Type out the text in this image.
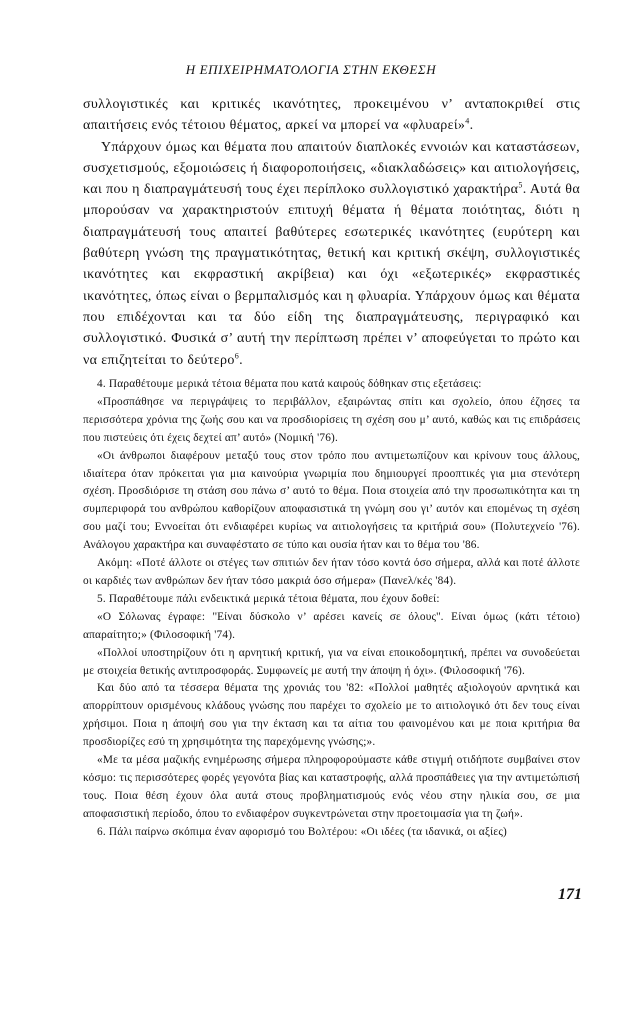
Η ΕΠΙΧΕΙΡΗΜΑΤΟΛΟΓΙΑ ΣΤΗΝ ΕΚΘΕΣΗ

συλλογιστικές και κριτικές ικανότητες, προκειμένου ν’ ανταποκριθεί στις απαιτήσεις ενός τέτοιου θέματος, αρκεί να μπορεί να «φλυαρεί»$^4$.

Υπάρχουν όμως και θέματα που απαιτούν διαπλοκές εννοιών και καταστάσεων, συσχετισμούς, εξομοιώσεις ή διαφοροποιήσεις, «διακλαδώσεις» και αιτιολογήσεις, και που η διαπραγμάτευσή τους έχει περίπλοκο συλλογιστικό χαρακτήρα$^5$. Αυτά θα μπορούσαν να χαρακτηριστούν επιτυχή θέματα ή θέματα ποιότητας, διότι η διαπραγμάτευσή τους απαιτεί βαθύτερες εσωτερικές ικανότητες (ευρύτερη και βαθύτερη γνώση της πραγματικότητας, θετική και κριτική σκέψη, συλλογιστικές ικανότητες και εκφραστική ακρίβεια) και όχι «εξωτερικές» εκφραστικές ικανότητες, όπως είναι ο βερμπαλισμός και η φλυαρία. Υπάρχουν όμως και θέματα που επιδέχονται και τα δύο είδη της διαπραγμάτευσης, περιγραφικό και συλλογιστικό. Φυσικά σ’ αυτή την περίπτωση πρέπει ν’ αποφεύγεται το πρώτο και να επιζητείται το δεύτερο$^6$.

4. Παραθέτουμε μερικά τέτοια θέματα που κατά καιρούς δόθηκαν στις εξετάσεις:

«Προσπάθησε να περιγράψεις το περιβάλλον, εξαιρώντας σπίτι και σχολείο, όπου έζησες τα περισσότερα χρόνια της ζωής σου και να προσδιορίσεις τη σχέση σου μ’ αυτό, καθώς και τις επιδράσεις που πιστεύεις ότι έχεις δεχτεί απ’ αυτό» (Νομική '76).

«Οι άνθρωποι διαφέρουν μεταξύ τους στον τρόπο που αντιμετωπίζουν και κρίνουν τους άλλους, ιδιαίτερα όταν πρόκειται για μια καινούρια γνωριμία που δημιουργεί προοπτικές για μια στενότερη σχέση. Προσδιόρισε τη στάση σου πάνω σ’ αυτό το θέμα. Ποια στοιχεία από την προσωπικότητα και τη συμπεριφορά του ανθρώπου καθορίζουν αποφασιστικά τη γνώμη σου γι’ αυτόν και επομένως τη σχέση σου μαζί του; Εννοείται ότι ενδιαφέρει κυρίως να αιτιολογήσεις τα κριτήριά σου» (Πολυτεχνείο '76). Ανάλογου χαρακτήρα και συναφέστατο σε τύπο και ουσία ήταν και το θέμα του '86.

Ακόμη: «Ποτέ άλλοτε οι στέγες των σπιτιών δεν ήταν τόσο κοντά όσο σήμερα, αλλά και ποτέ άλλοτε οι καρδιές των ανθρώπων δεν ήταν τόσο μακριά όσο σήμερα» (Πανελ/κές '84).

5. Παραθέτουμε πάλι ενδεικτικά μερικά τέτοια θέματα, που έχουν δοθεί:

«Ο Σόλωνας έγραφε: ''Είναι δύσκολο ν’ αρέσει κανείς σε όλους''. Είναι όμως (κάτι τέτοιο) απαραίτητο;» (Φιλοσοφική '74).

«Πολλοί υποστηρίζουν ότι η αρνητική κριτική, για να είναι εποικοδομητική, πρέπει να συνοδεύεται με στοιχεία θετικής αντιπροσφοράς. Συμφωνείς με αυτή την άποψη ή όχι». (Φιλοσοφική '76).

Και δύο από τα τέσσερα θέματα της χρονιάς του '82: «Πολλοί μαθητές αξιολογούν αρνητικά και απορρίπτουν ορισμένους κλάδους γνώσης που παρέχει το σχολείο με το αιτιολογικό ότι δεν τους είναι χρήσιμοι. Ποια η άποψή σου για την έκταση και τα αίτια του φαινομένου και με ποια κριτήρια θα προσδιορίζες εσύ τη χρησιμότητα της παρεχόμενης γνώσης;».

«Με τα μέσα μαζικής ενημέρωσης σήμερα πληροφορούμαστε κάθε στιγμή οτιδήποτε συμβαίνει στον κόσμο: τις περισσότερες φορές γεγονότα βίας και καταστροφής, αλλά προσπάθειες για την αντιμετώπισή τους. Ποια θέση έχουν όλα αυτά στους προβληματισμούς ενός νέου στην ηλικία σου, σε μια αποφασιστική περίοδο, όπου το ενδιαφέρον συγκεντρώνεται στην προετοιμασία για τη ζωή».

6. Πάλι παίρνω σκόπιμα έναν αφορισμό του Βολτέρου: «Οι ιδέες (τα ιδανικά, οι αξίες)

171
